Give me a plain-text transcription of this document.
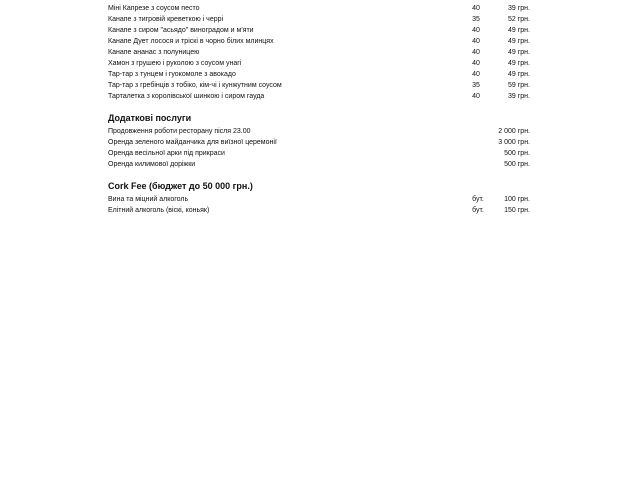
Міні Капрезе з соусом песто	40	39 грн.
Канапе з тигровій креветкою і черрі	35	52 грн.
Канапе з сиром "асьядо" виноградом и м'яти	40	49 грн.
Канапе Дует лосося и тріскі в чорно білих млинцях	40	49 грн.
Канапе ананас з полуницею	40	49 грн.
Хамон з грушею і руколою з соусом унагі	40	49 грн.
Тар-тар з тунцем і гуокомоле з авокадо	40	49 грн.
Тар-тар з гребінців з тобіко, кім-чі і кунжутним соусом	35	59 грн.
Тарталетка з королівської шинкою і сиром гауда	40	39 грн.
Додаткові послуги
Продовження роботи ресторану після 23.00	2 000 грн.
Оренда зеленого майданчика для виїзної церемонії	3 000 грн.
Оренда весільної арки під прикраси	500 грн.
Оренда килимової доріжки	500 грн.
Cork Fee (бюджет до 50 000 грн.)
Вина та міцний алкоголь	бут.	100 грн.
Елітний алкоголь (віскі, коньяк)	бут.	150 грн.
